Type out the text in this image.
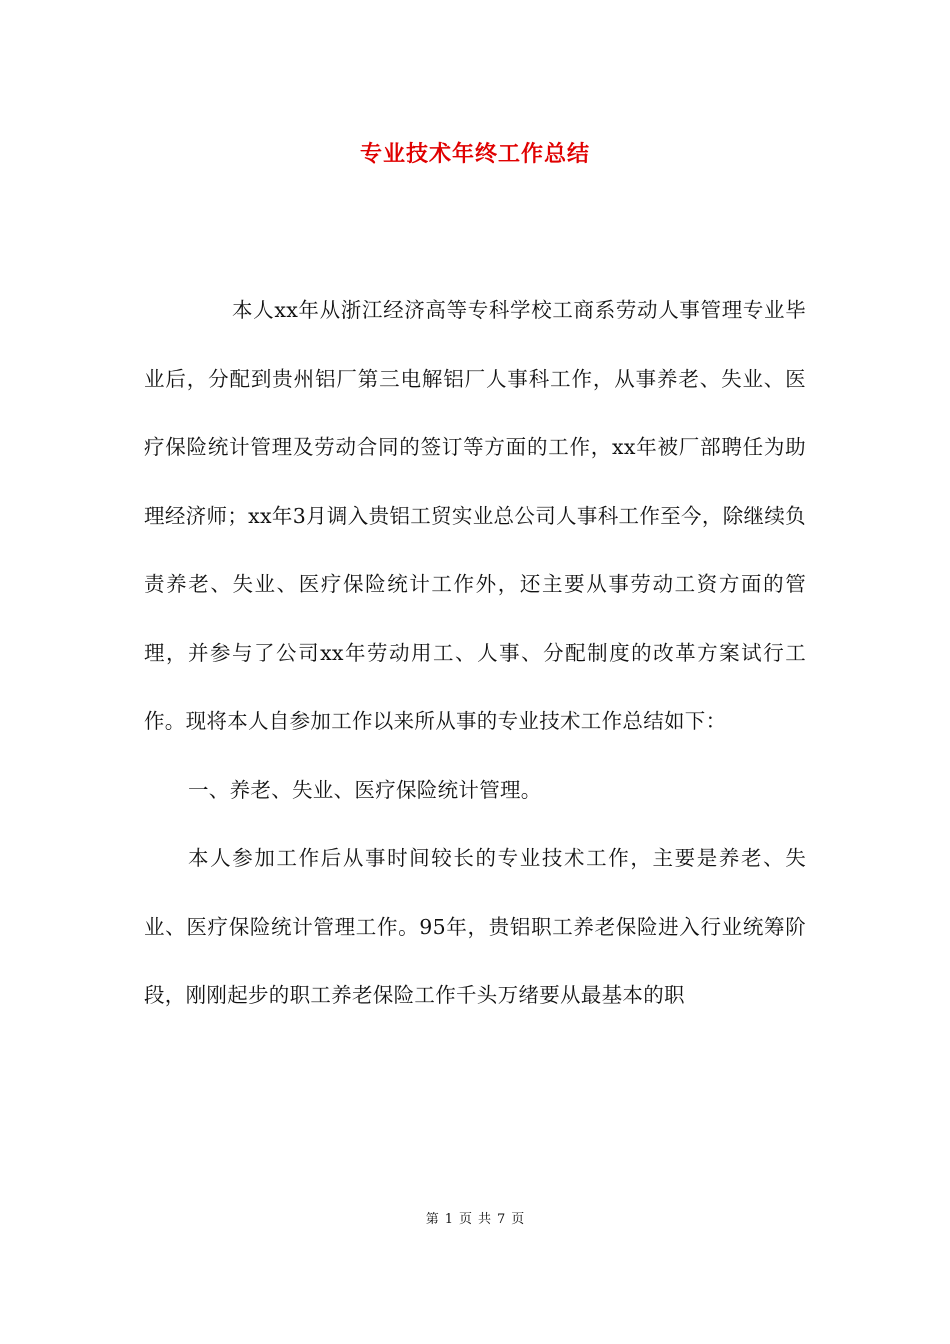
专业技术年终工作总结

本人xx年从浙江经济高等专科学校工商系劳动人事管理专业毕业后，分配到贵州铝厂第三电解铝厂人事科工作，从事养老、失业、医疗保险统计管理及劳动合同的签订等方面的工作，xx年被厂部聘任为助理经济师；xx年3月调入贵铝工贸实业总公司人事科工作至今，除继续负责养老、失业、医疗保险统计工作外，还主要从事劳动工资方面的管理，并参与了公司xx年劳动用工、人事、分配制度的改革方案试行工作。现将本人自参加工作以来所从事的专业技术工作总结如下：

一、养老、失业、医疗保险统计管理。

本人参加工作后从事时间较长的专业技术工作，主要是养老、失业、医疗保险统计管理工作。95年，贵铝职工养老保险进入行业统筹阶段，刚刚起步的职工养老保险工作千头万绪要从最基本的职

第 1 页 共 7 页
